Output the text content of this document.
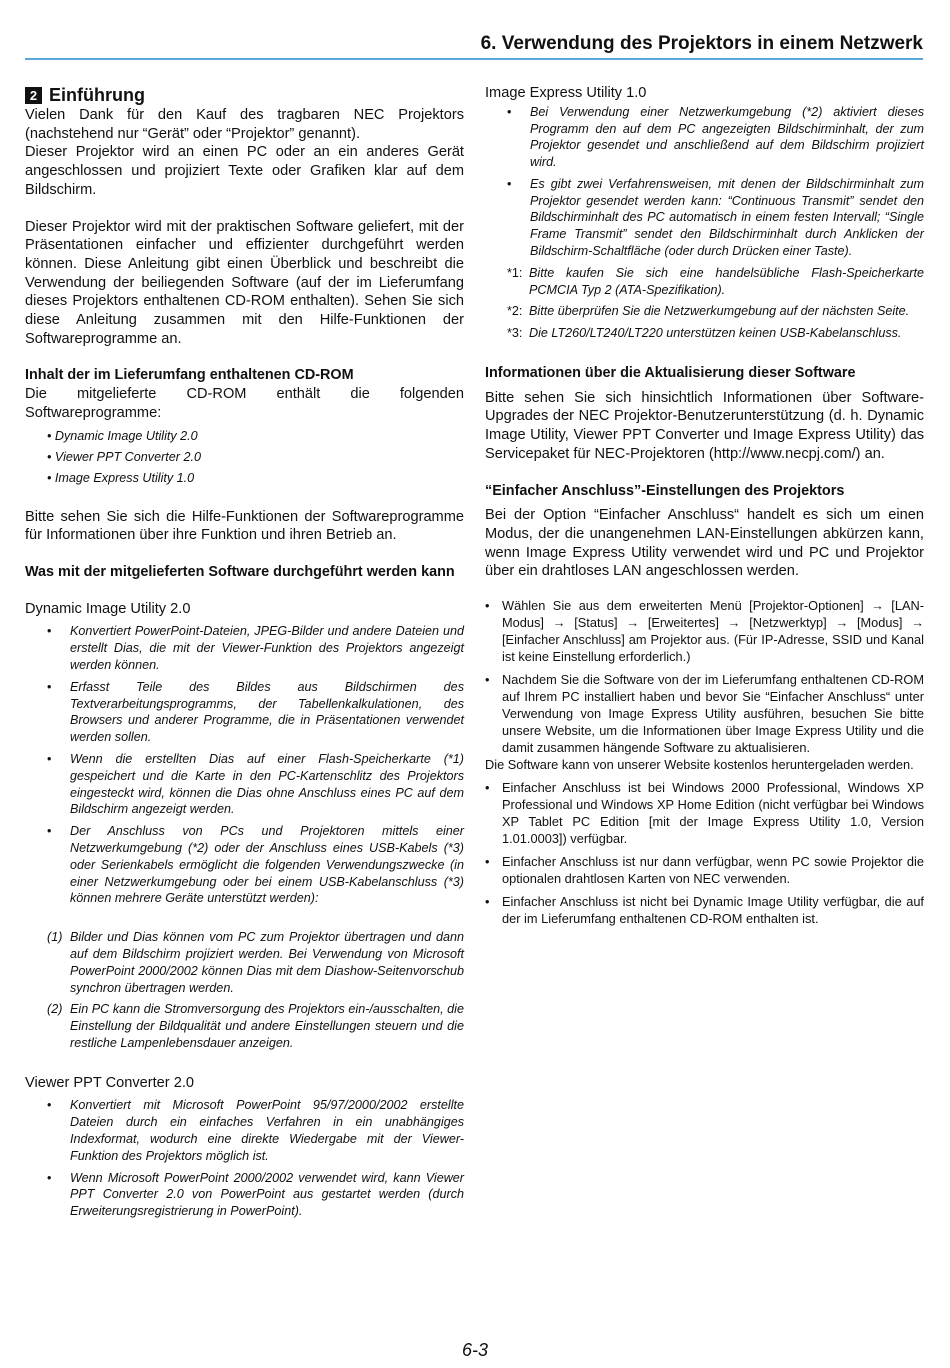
6. Verwendung des Projektors in einem Netzwerk
2 Einführung

Vielen Dank für den Kauf des tragbaren NEC Projektors (nachstehend nur “Gerät” oder “Projektor” genannt).

Dieser Projektor wird an einen PC oder an ein anderes Gerät angeschlossen und projiziert Texte oder Grafiken klar auf dem Bildschirm.

Dieser Projektor wird mit der praktischen Software geliefert, mit der Präsentationen einfacher und effizienter durchgeführt werden können. Diese Anleitung gibt einen Überblick und beschreibt die Verwendung der beiliegenden Software (auf der im Lieferumfang dieses Projektors enthaltenen CD-ROM enthalten). Sehen Sie sich diese Anleitung zusammen mit den Hilfe-Funktionen der Softwareprogramme an.

Inhalt der im Lieferumfang enthaltenen CD-ROM

Die mitgelieferte CD-ROM enthält die folgenden Softwareprogramme:

• Dynamic Image Utility 2.0
• Viewer PPT Converter 2.0
• Image Express Utility 1.0

Bitte sehen Sie sich die Hilfe-Funktionen der Softwareprogramme für Informationen über ihre Funktion und ihren Betrieb an.

Was mit der mitgelieferten Software durchgeführt werden kann

Dynamic Image Utility 2.0

• Konvertiert PowerPoint-Dateien, JPEG-Bilder und andere Dateien und erstellt Dias, die mit der Viewer-Funktion des Projektors angezeigt werden können.
• Erfasst Teile des Bildes aus Bildschirmen des Textverarbeitungsprogramms, der Tabellenkalkulationen, des Browsers und anderer Programme, die in Präsentationen verwendet werden sollen.
• Wenn die erstellten Dias auf einer Flash-Speicherkarte (*1) gespeichert und die Karte in den PC-Kartenschlitz des Projektors eingesteckt wird, können die Dias ohne Anschluss eines PC auf dem Bildschirm angezeigt werden.
• Der Anschluss von PCs und Projektoren mittels einer Netzwerkumgebung (*2) oder der Anschluss eines USB-Kabels (*3) oder Serienkabels ermöglicht die folgenden Verwendungszwecke (in einer Netzwerkumgebung oder bei einem USB-Kabelanschluss (*3) können mehrere Geräte unterstützt werden):
(1) Bilder und Dias können vom PC zum Projektor übertragen und dann auf dem Bildschirm projiziert werden. Bei Verwendung von Microsoft PowerPoint 2000/2002 können Dias mit dem Diashow-Seitenvorschub synchron übertragen werden.
(2) Ein PC kann die Stromversorgung des Projektors ein-/ausschalten, die Einstellung der Bildqualität und andere Einstellungen steuern und die restliche Lampenlebensdauer anzeigen.

Viewer PPT Converter 2.0

• Konvertiert mit Microsoft PowerPoint 95/97/2000/2002 erstellte Dateien durch ein einfaches Verfahren in ein unabhängiges Indexformat, wodurch eine direkte Wiedergabe mit der Viewer-Funktion des Projektors möglich ist.
• Wenn Microsoft PowerPoint 2000/2002 verwendet wird, kann Viewer PPT Converter 2.0 von PowerPoint aus gestartet werden (durch Erweiterungsregistrierung in PowerPoint).

Image Express Utility 1.0

• Bei Verwendung einer Netzwerkumgebung (*2) aktiviert dieses Programm den auf dem PC angezeigten Bildschirminhalt, der zum Projektor gesendet und anschließend auf dem Bildschirm projiziert wird.
• Es gibt zwei Verfahrensweisen, mit denen der Bildschirminhalt zum Projektor gesendet werden kann: “Continuous Transmit” sendet den Bildschirminhalt des PC automatisch in einem festen Intervall; “Single Frame Transmit” sendet den Bildschirminhalt durch Anklicken der Bildschirm-Schaltfläche (oder durch Drücken einer Taste).
*1: Bitte kaufen Sie sich eine handelsübliche Flash-Speicherkarte PCMCIA Typ 2 (ATA-Spezifikation).
*2: Bitte überprüfen Sie die Netzwerkumgebung auf der nächsten Seite.
*3: Die LT260/LT240/LT220 unterstützen keinen USB-Kabelanschluss.

Informationen über die Aktualisierung dieser Software

Bitte sehen Sie sich hinsichtlich Informationen über Software-Upgrades der NEC Projektor-Benutzerunterstützung (d. h. Dynamic Image Utility, Viewer PPT Converter und Image Express Utility) das Servicepaket für NEC-Projektoren (http://www.necpj.com/) an.

“Einfacher Anschluss”-Einstellungen des Projektors

Bei der Option “Einfacher Anschluss“ handelt es sich um einen Modus, der die unangenehmen LAN-Einstellungen abkürzen kann, wenn Image Express Utility verwendet wird und PC und Projektor über ein drahtloses LAN angeschlossen werden.

• Wählen Sie aus dem erweiterten Menü [Projektor-Optionen] → [LAN-Modus] → [Status] → [Erweitertes] → [Netzwerktyp] → [Modus] → [Einfacher Anschluss] am Projektor aus. (Für IP-Adresse, SSID und Kanal ist keine Einstellung erforderlich.)
• Nachdem Sie die Software von der im Lieferumfang enthaltenen CD-ROM auf Ihrem PC installiert haben und bevor Sie “Einfacher Anschluss“ unter Verwendung von Image Express Utility ausführen, besuchen Sie bitte unsere Website, um die Informationen über Image Express Utility und die damit zusammen hängende Software zu aktualisieren.

Die Software kann von unserer Website kostenlos heruntergeladen werden.

• Einfacher Anschluss ist bei Windows 2000 Professional, Windows XP Professional und Windows XP Home Edition (nicht verfügbar bei Windows XP Tablet PC Edition [mit der Image Express Utility 1.0, Version 1.01.0003]) verfügbar.
• Einfacher Anschluss ist nur dann verfügbar, wenn PC sowie Projektor die optionalen drahtlosen Karten von NEC verwenden.
• Einfacher Anschluss ist nicht bei Dynamic Image Utility verfügbar, die auf der im Lieferumfang enthaltenen CD-ROM enthalten ist.
6-3
